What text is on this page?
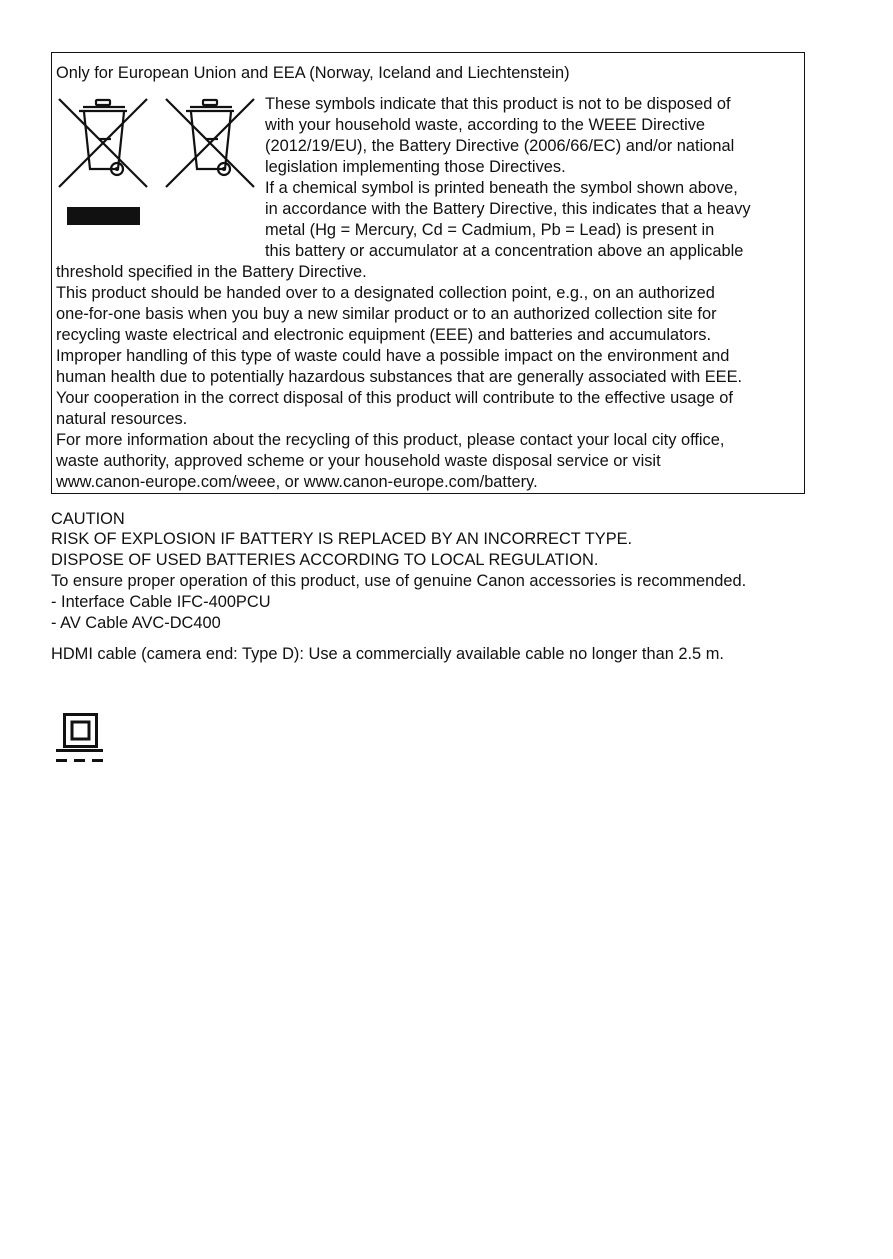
Only for European Union and EEA (Norway, Iceland and Liechtenstein)
These symbols indicate that this product is not to be disposed of
with your household waste, according to the WEEE Directive
(2012/19/EU), the Battery Directive (2006/66/EC) and/or national
legislation implementing those Directives.
If a chemical symbol is printed beneath the symbol shown above,
in accordance with the Battery Directive, this indicates that a heavy
metal (Hg = Mercury, Cd = Cadmium, Pb = Lead) is present in
this battery or accumulator at a concentration above an applicable
threshold specified in the Battery Directive.
This product should be handed over to a designated collection point, e.g., on an authorized
one-for-one basis when you buy a new similar product or to an authorized collection site for
recycling waste electrical and electronic equipment (EEE) and batteries and accumulators.
Improper handling of this type of waste could have a possible impact on the environment and
human health due to potentially hazardous substances that are generally associated with EEE.
Your cooperation in the correct disposal of this product will contribute to the effective usage of
natural resources.
For more information about the recycling of this product, please contact your local city office,
waste authority, approved scheme or your household waste disposal service or visit
www.canon-europe.com/weee, or www.canon-europe.com/battery.
CAUTION
RISK OF EXPLOSION IF BATTERY IS REPLACED BY AN INCORRECT TYPE.
DISPOSE OF USED BATTERIES ACCORDING TO LOCAL REGULATION.
To ensure proper operation of this product, use of genuine Canon accessories is recommended.
- Interface Cable IFC-400PCU
- AV Cable AVC-DC400
HDMI cable (camera end: Type D): Use a commercially available cable no longer than 2.5 m.
